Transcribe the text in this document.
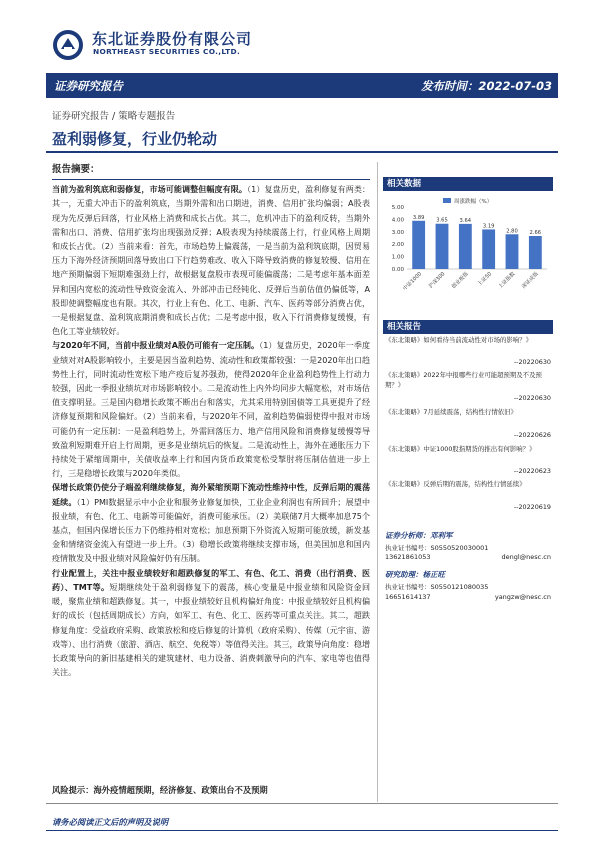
东北证券股份有限公司
NORTHEAST SECURITIES CO.,LTD.
证券研究报告	发布时间：2022-07-03
证券研究报告 / 策略专题报告
盈利弱修复，行业仍轮动
报告摘要：

当前为盈利筑底和弱修复，市场可能调整但幅度有限。（1）复盘历史，盈利修复有两类：其一，无重大冲击下的盈利筑底，当期外需和出口期进，消费、信用扩张均偏弱；A股表现为先反弹后回落，行业风格上消费和成长占优。其二，危机冲击下的盈利反转，当期外需和出口、消费、信用扩张均出现强劲反弹；A股表现为持续震荡上行，行业风格上周期和成长占优。（2）当前来看：首先，市场趋势上偏震荡，一是当前为盈利筑底期，因贸易压力下海外经济预期回落导致出口下行趋势难改、收入下降导致消费的修复较慢、信用在地产预期偏弱下短期难强劲上行，故根据复盘股市表现可能偏震荡；二是考虑年基本面差异和国内宽松的流动性导致资金流入、外部冲击已经钝化、反弹后当前估值仍偏低等，A股即使调整幅度也有限。其次，行业上有色、化工、电新、汽车、医药等部分消费占优，一是根据复盘、盈利筑底期消费和成长占优；二是考虑中报，收入下行消费修复缓慢，有色化工等业绩较好。

与2020年不同，当前中报业绩对A股仍可能有一定压制。（1）复盘历史，2020年一季度业绩对对A股影响较小，主要是因当盈利趋势、流动性和政策都较强：一是2020年出口趋势性上行，同时流动性宽松下地产疫后复苏强劲，使得2020年企业盈利趋势性上行动力较强，因此一季报业绩坑对市场影响较小。二是流动性上内外均同步大幅宽松，对市场估值支撑明显。三是国内稳增长政策不断出台和落实，尤其采用特别国债等工具更提升了经济修复预期和风险偏好。（2）当前来看，与2020年不同，盈利趋势偏弱使得中报对市场可能仍有一定压制：一是盈利趋势上，外需回落压力、地产信用风险和消费修复缓慢等导致盈利短期难开启上行周期，更多是业绩坑后的恢复。二是流动性上，海外在通胀压力下持续处于紧缩周期中，关债收益率上行和国内货币政策宽松受掣肘将压制估值进一步上行，三是稳增长政策与2020年类似。

保增长政策仍使分子端盈利继续修复，海外紧缩预期下流动性维持中性，反弹后期的震荡延续。（1）PMI数据显示中小企业和服务业修复加快，工业企业利润也有所回升；展望中报业绩，有色、化工、电新等可能偏好，消费可能承压。（2）美联储7月大概率加息75个基点，但国内保增长压力下仍维持相对宽松；加息预期下外资流入短期可能放缓，新发基金和情绪资金流入有望进一步上升。（3）稳增长政策将继续支撑市场，但美国加息和国内疫情散发及中报业绩对风险偏好仍有压制。

行业配置上，关注中报业绩较好和超跌修复的军工、有色、化工、消费（出行消费、医药）、TMT等。短期继续处于盈利弱修复下的震荡，核心变量是中报业绩和风险资金回暖，聚焦业绩和超跌修复。其一，中报业绩较好且机构偏好角度：中报业绩较好且机构偏好的成长（包括周期成长）方向，如军工、有色、化工、医药等可重点关注。其二，超跌修复角度：受益政府采购、政策放松和疫后修复的计算机（政府采购）、传媒（元宇宙、游戏等）、出行消费（旅游、酒店、航空、免税等）等值得关注。其三，政策导向角度：稳增长政策导向的新旧基建相关的建筑建材、电力设备、消费刺激导向的汽车、家电等也值得关注。

风险提示：海外疫情超预期，经济修复、政策出台不及预期
请务必阅读正文后的声明及说明
相关数据
周涨跌幅（%）
0.00
1.00
2.00
3.00
4.00
5.00
3.89
中证1000
3.65
沪深300
3.64
创业板指
3.19
上证50
2.80
上证指数
2.66
深证成指
相关报告
《东北策略》如何看待当前流动性对市场的影响？》
--20220630
《东北策略》2022年中报哪些行业可能超预期及不及预期？》
--20220630
《东北策略》7月延续震荡，结构性行情依旧》
--20220626
《东北策略》中证1000股指期货的推出有何影响？》
--20220623
《东北策略》反弹后期的震荡，结构性行情延续》
--20220619
证券分析师：邓利军
执业证书编号：S0550520030001
13621861053	dengl@nesc.cn
研究助理：杨正旺
执业证书编号：S0550121080035
16651614137	yangzw@nesc.cn
